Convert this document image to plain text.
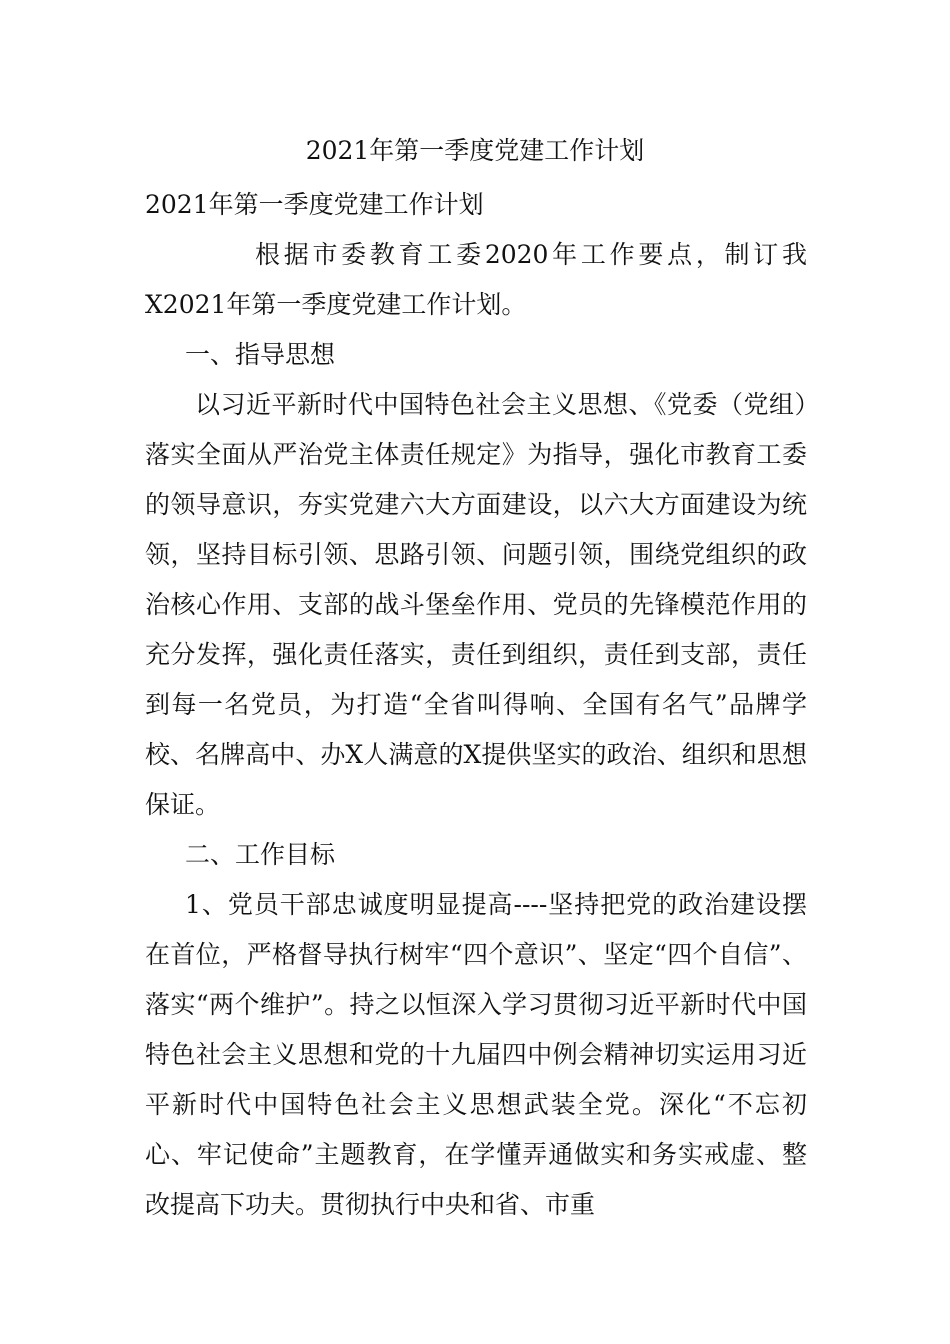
2021年第一季度党建工作计划

2021年第一季度党建工作计划

根据市委教育工委2020年工作要点，制订我X2021年第一季度党建工作计划。

一、指导思想

以习近平新时代中国特色社会主义思想、《党委（党组）落实全面从严治党主体责任规定》为指导，强化市教育工委的领导意识，夯实党建六大方面建设，以六大方面建设为统领，坚持目标引领、思路引领、问题引领，围绕党组织的政治核心作用、支部的战斗堡垒作用、党员的先锋模范作用的充分发挥，强化责任落实，责任到组织，责任到支部，责任到每一名党员，为打造“全省叫得响、全国有名气”品牌学校、名牌高中、办X人满意的X提供坚实的政治、组织和思想保证。

二、工作目标

1、党员干部忠诚度明显提高----坚持把党的政治建设摆在首位，严格督导执行树牢“四个意识”、坚定“四个自信”、落实“两个维护”。持之以恒深入学习贯彻习近平新时代中国特色社会主义思想和党的十九届四中例会精神切实运用习近平新时代中国特色社会主义思想武装全党。深化“不忘初心、牢记使命”主题教育，在学懂弄通做实和务实戒虚、整改提高下功夫。贯彻执行中央和省、市重
